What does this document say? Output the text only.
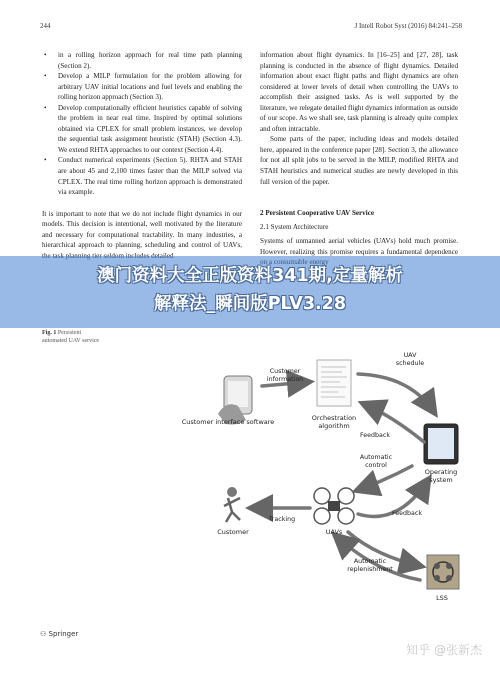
244	J Intell Robot Syst (2016) 84:241–258
• in a rolling horizon approach for real time path planning (Section 2).
• Develop a MILP formulation for the problem allowing for arbitrary UAV initial locations and fuel levels and enabling the rolling horizon approach (Section 3).
• Develop computationally efficient heuristics capable of solving the problem in near real time. Inspired by optimal solutions obtained via CPLEX for small problem instances, we develop the sequential task assignment heuristic (STAH) (Section 4.3). We extend RHTA approaches to our context (Section 4.4).
• Conduct numerical experiments (Section 5). RHTA and STAH are about 45 and 2,100 times faster than the MILP solved via CPLEX. The real time rolling horizon approach is demonstrated via example.

It is important to note that we do not include flight dynamics in our models. This decision is intentional, well motivated by the literature and necessary for computational tractability. In many industries, a hierarchical approach to planning, scheduling and control of UAVs,

information about flight dynamics. In [16–25] and [27, 28], task planning is conducted in the absence of flight dynamics. Detailed information about exact flight paths and flight dynamics are often considered at lower levels of detail when controlling the UAVs to accomplish their assigned tasks. As is well supported by the literature, we relegate detailed flight dynamics information as outside of our scope. As we shall see, task planning is already quite complex and often intractable.

Some parts of the paper, including ideas and models detailed here, appeared in the conference paper [28]. Section 3, the allowance for not all split jobs to be served in the MILP, modified RHTA and STAH heuristics and numerical studies are newly developed in this full version of the paper.

2 Persistent Cooperative UAV Service

2.1 System Architecture

Systems of unmanned aerial vehicles (UAVs) hold much promise. However, realizing this promise requires a fundamental dependence

Fig. 1 Persistent automated UAV service
Customer interface software	Orchestration algorithm
Operating system
Customer	UAVs
LSS
Customer information
UAV schedule
Feedback
Automatic control
Feedback
Tracking
Automatic replenishment
澳门资料大全正版资料341期,定量解析
解释法_瞬间版PLV3.28
⚇ Springer
知乎 @张新杰
